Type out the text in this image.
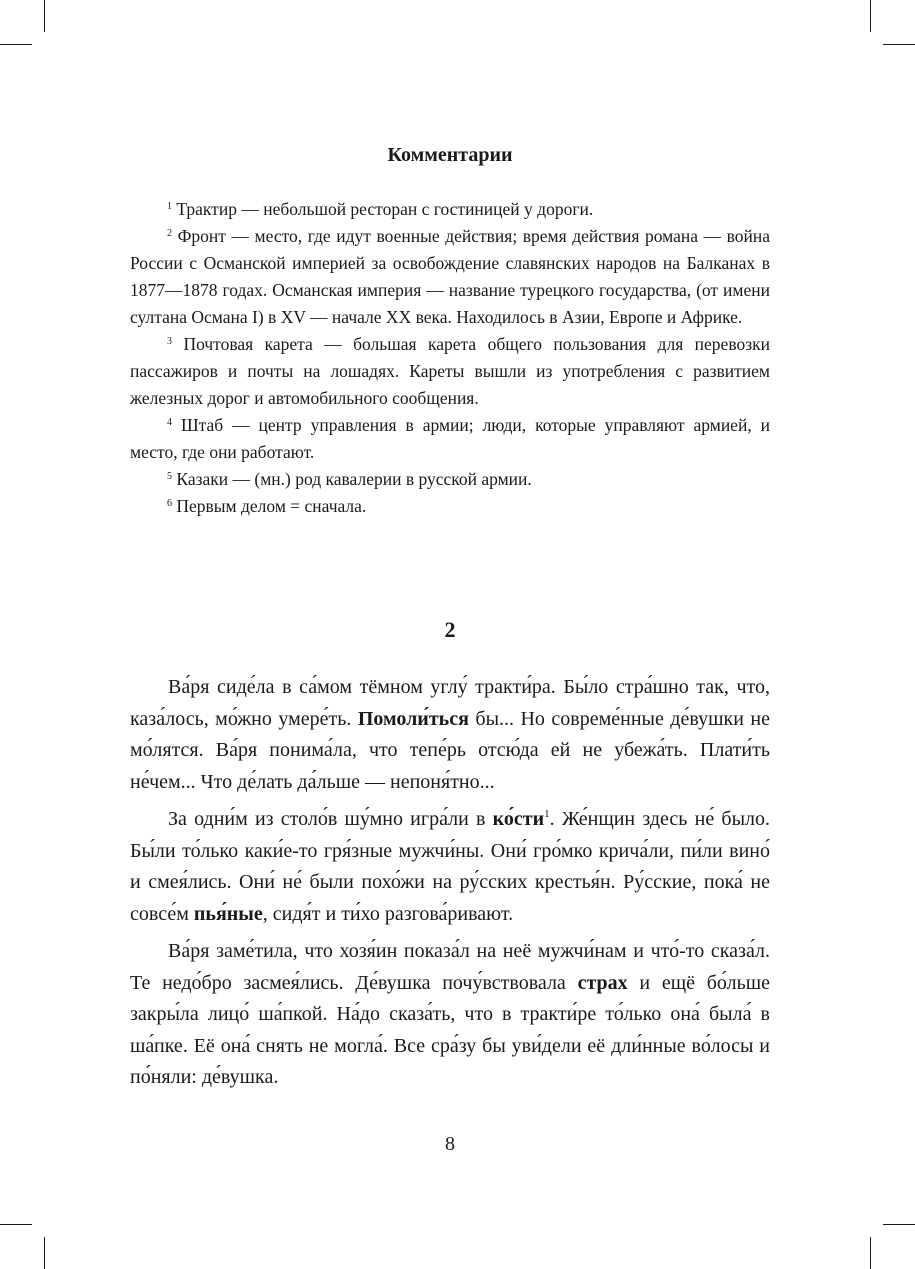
Комментарии

$^1$ Трактир — небольшой ресторан с гостиницей у дороги.

$^2$ Фронт — место, где идут военные действия; время действия романа — война России с Османской империей за освобождение славянских народов на Балканах в 1877—1878 годах. Османская империя — название турецкого государства, (от имени султана Османа I) в XV — начале XX века. Находилось в Азии, Европе и Африке.

$^3$ Почтовая карета — большая карета общего пользования для перевозки пассажиров и почты на лошадях. Кареты вышли из употребления с развитием железных дорог и автомобильного сообщения.

$^4$ Штаб — центр управления в армии; люди, которые управляют армией, и место, где они работают.

$^5$ Казаки — (мн.) род кавалерии в русской армии.

$^6$ Первым делом = сначала.

2

Ва́ря сиде́ла в са́мом тёмном углу́ тракти́ра. Бы́ло стра́шно так, что, каза́лось, мо́жно умере́ть. Помоли́ться бы... Но совреме́нные де́вушки не мо́лятся. Ва́ря понима́ла, что тепе́рь отсю́да ей не убежа́ть. Плати́ть не́чем... Что де́лать да́льше — непоня́тно...

За одни́м из столо́в шу́мно игра́ли в ко́сти$^1$. Же́нщин здесь не́ было. Бы́ли то́лько каки́е-то гря́зные мужчи́ны. Они́ гро́мко крича́ли, пи́ли вино́ и смея́лись. Они́ не́ были похо́жи на ру́сских крестья́н. Ру́сские, пока́ не совсе́м пья́ные, сидя́т и ти́хо разгова́ривают.

Ва́ря заме́тила, что хозя́ин показа́л на неё мужчи́нам и что́-то сказа́л. Те недо́бро засмея́лись. Де́вушка почу́вствовала страх и ещё бо́льше закры́ла лицо́ ша́пкой. На́до сказа́ть, что в тракти́ре то́лько она́ была́ в ша́пке. Её она́ снять не могла́. Все сра́зу бы уви́дели её дли́нные во́лосы и по́няли: де́вушка.

8
